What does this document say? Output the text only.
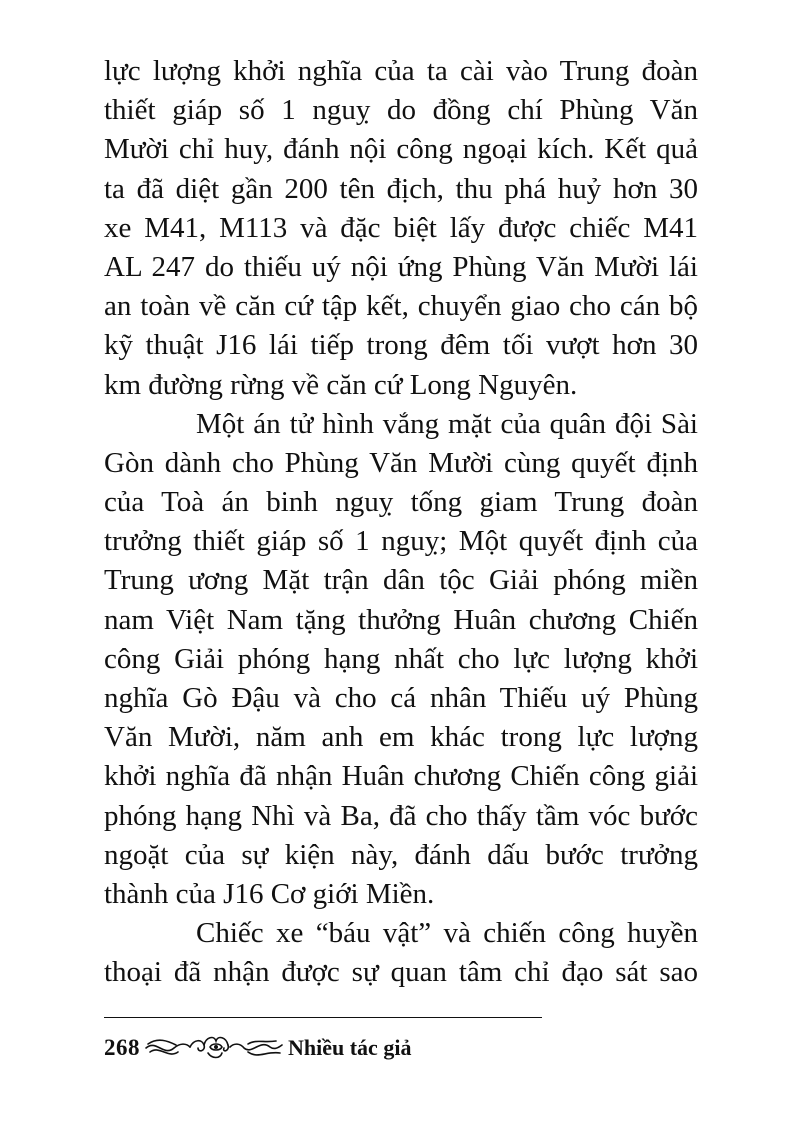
lực lượng khởi nghĩa của ta cài vào Trung đoàn
thiết giáp số 1 nguỵ do đồng chí Phùng Văn
Mười chỉ huy, đánh nội công ngoại kích. Kết quả
ta đã diệt gần 200 tên địch, thu phá huỷ hơn 30
xe M41, M113 và đặc biệt lấy được chiếc M41
AL 247 do thiếu uý nội ứng Phùng Văn Mười lái
an toàn về căn cứ tập kết, chuyển giao cho cán bộ
kỹ thuật J16 lái tiếp trong đêm tối vượt hơn 30
km đường rừng về căn cứ Long Nguyên.
Một án tử hình vắng mặt của quân đội Sài
Gòn dành cho Phùng Văn Mười cùng quyết định
của Toà án binh nguỵ tống giam Trung đoàn
trưởng thiết giáp số 1 nguỵ; Một quyết định của
Trung ương Mặt trận dân tộc Giải phóng miền
nam Việt Nam tặng thưởng Huân chương Chiến
công Giải phóng hạng nhất cho lực lượng khởi
nghĩa Gò Đậu và cho cá nhân Thiếu uý Phùng
Văn Mười, năm anh em khác trong lực lượng
khởi nghĩa đã nhận Huân chương Chiến công giải
phóng hạng Nhì và Ba, đã cho thấy tầm vóc bước
ngoặt của sự kiện này, đánh dấu bước trưởng
thành của J16 Cơ giới Miền.
Chiếc xe “báu vật” và chiến công huyền
thoại đã nhận được sự quan tâm chỉ đạo sát sao
268	Nhiều tác giả
